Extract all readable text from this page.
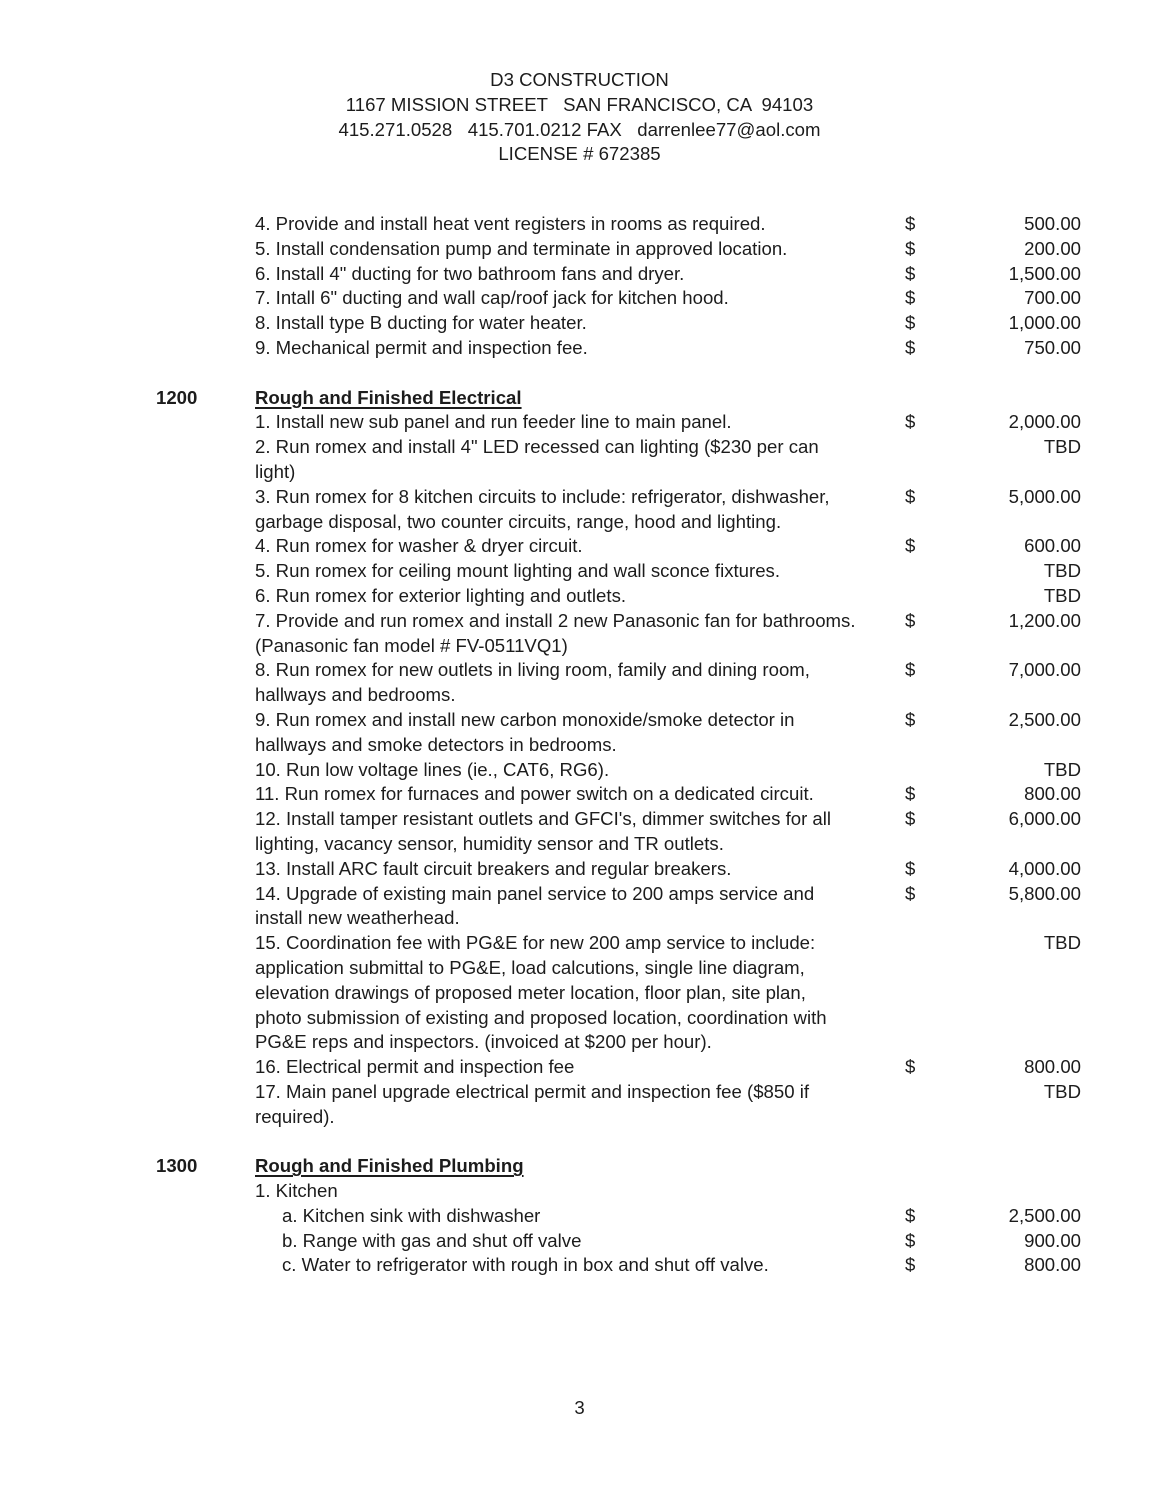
D3 CONSTRUCTION
1167 MISSION STREET   SAN FRANCISCO, CA  94103
415.271.0528   415.701.0212 FAX   darrenlee77@aol.com
LICENSE # 672385
4. Provide and install heat vent registers in rooms as required.	$	500.00
5. Install condensation pump and terminate in approved location.	$	200.00
6. Install 4" ducting for two bathroom fans and dryer.	$	1,500.00
7. Intall 6" ducting and wall cap/roof jack for kitchen hood.	$	700.00
8. Install type B ducting for water heater.	$	1,000.00
9. Mechanical permit and inspection fee.	$	750.00
1200	Rough and Finished Electrical
1. Install new sub panel and run feeder line to main panel.	$	2,000.00
2. Run romex and install 4" LED recessed can lighting ($230 per can	TBD
light)
3. Run romex for 8 kitchen circuits to include: refrigerator, dishwasher,	$	5,000.00
garbage disposal, two counter circuits, range, hood and lighting.
4. Run romex for washer & dryer circuit.	$	600.00
5. Run romex for ceiling mount lighting and wall sconce fixtures.	TBD
6. Run romex for exterior lighting and outlets.	TBD
7. Provide and run romex and install 2 new Panasonic fan for bathrooms.	$	1,200.00
(Panasonic fan model # FV-0511VQ1)
8. Run romex for new outlets in living room, family and dining room,	$	7,000.00
hallways and bedrooms.
9. Run romex and install new carbon monoxide/smoke detector in	$	2,500.00
hallways and smoke detectors in bedrooms.
10. Run low voltage lines (ie., CAT6, RG6).	TBD
11. Run romex for furnaces and power switch on a dedicated circuit.	$	800.00
12. Install tamper resistant outlets and GFCI's, dimmer switches for all	$	6,000.00
lighting, vacancy sensor, humidity sensor and TR outlets.
13. Install ARC fault circuit breakers and regular breakers.	$	4,000.00
14. Upgrade of existing main panel service to 200 amps service and	$	5,800.00
install new weatherhead.
15. Coordination fee with PG&E for new 200 amp service to include:	TBD
application submittal to PG&E, load calcutions, single line diagram,
elevation drawings of proposed meter location, floor plan, site plan,
photo submission of existing and proposed location, coordination with
PG&E reps and inspectors. (invoiced at $200 per hour).
16. Electrical permit and inspection fee	$	800.00
17. Main panel upgrade electrical permit and inspection fee ($850 if	TBD
required).
1300	Rough and Finished Plumbing
1. Kitchen
a. Kitchen sink with dishwasher	$	2,500.00
b. Range with gas and shut off valve	$	900.00
c. Water to refrigerator with rough in box and shut off valve.	$	800.00
3
